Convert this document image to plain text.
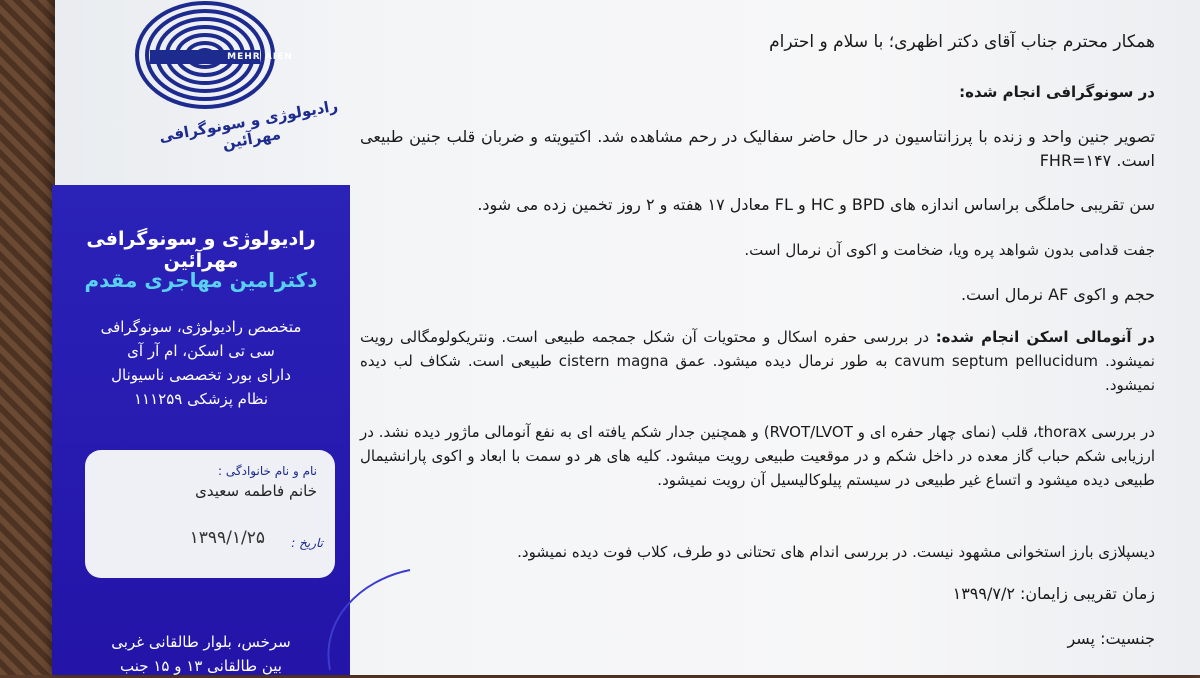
MEHR AIEN
رادیولوژی و سونوگرافی مهرآئین
رادیولوژی و سونوگرافی مهرآئین
دکترامین مهاجری مقدم
متخصص رادیولوژی، سونوگرافی
سی تی اسکن، ام آر آی
دارای بورد تخصصی ناسیونال
نظام پزشکی ۱۱۱۲۵۹
نام و نام خانوادگی :
خانم فاطمه سعیدی
۱۳۹۹/۱/۲۵ تاریخ :
سرخس، بلوار طالقانی غربی
بین طالقانی ۱۳ و ۱۵ جنب
همکار محترم جناب آقای دکتر اظهری؛ با سلام و احترام
در سونوگرافی انجام شده:
تصویر جنین واحد و زنده با پرزانتاسیون در حال حاضر سفالیک در رحم مشاهده شد. اکتیویته و ضربان قلب جنین طبیعی است. FHR=۱۴۷
سن تقریبی حاملگی براساس اندازه های BPD و HC و FL معادل ۱۷ هفته و ۲ روز تخمین زده می شود.
جفت قدامی بدون شواهد پره ویا، ضخامت و اکوی آن نرمال است.
حجم و اکوی AF نرمال است.
در آنومالی اسکن انجام شده: در بررسی حفره اسکال و محتویات آن شکل جمجمه طبیعی است. ونتریکولومگالی رویت نمیشود. cavum septum pellucidum به طور نرمال دیده میشود. عمق cistern magna طبیعی است. شکاف لب دیده نمیشود.
در بررسی thorax، قلب (نمای چهار حفره ای و RVOT/LVOT) و همچنین جدار شکم یافته ای به نفع آنومالی ماژور دیده نشد. در ارزیابی شکم حباب گاز معده در داخل شکم و در موقعیت طبیعی رویت میشود. کلیه های هر دو سمت با ابعاد و اکوی پارانشیمال طبیعی دیده میشود و اتساع غیر طبیعی در سیستم پیلوکالیسیل آن رویت نمیشود.
دیسپلازی بارز استخوانی مشهود نیست. در بررسی اندام های تحتانی دو طرف، کلاب فوت دیده نمیشود.
زمان تقریبی زایمان: ۱۳۹۹/۷/۲
جنسیت: پسر
